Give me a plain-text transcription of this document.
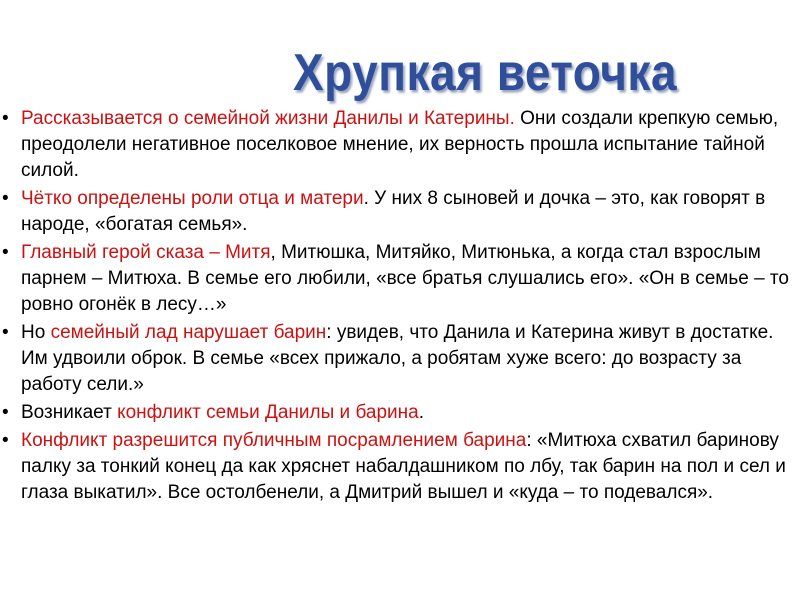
Хрупкая веточка
• Рассказывается о семейной жизни Данилы и Катерины. Они создали крепкую семью, преодолели негативное поселковое мнение, их верность прошла испытание тайной силой.
• Чётко определены роли отца и матери. У них 8 сыновей и дочка – это, как говорят в народе, «богатая семья».
• Главный герой сказа – Митя, Митюшка, Митяйко, Митюнька, а когда стал взрослым парнем – Митюха. В семье его любили, «все братья слушались его». «Он в семье – то ровно огонёк в лесу…»
• Но семейный лад нарушает барин: увидев, что Данила и Катерина живут в достатке. Им удвоили оброк. В семье «всех прижало, а робятам хуже всего: до возрасту за работу сели.»
• Возникает конфликт семьи Данилы и барина.
• Конфликт разрешится публичным посрамлением барина: «Митюха схватил баринову палку за тонкий конец да как хряснет набалдашником по лбу, так барин на пол и сел и глаза выкатил». Все остолбенели, а Дмитрий вышел и «куда – то подевался».
